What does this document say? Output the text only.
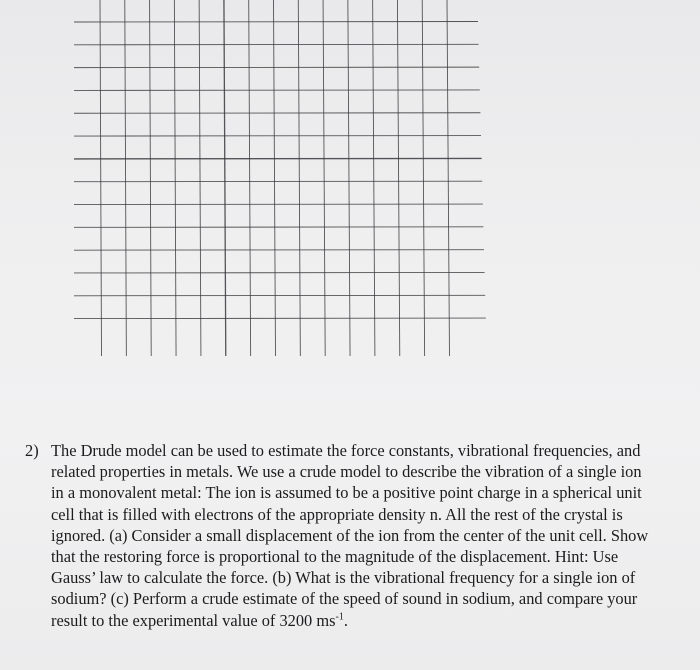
2) The Drude model can be used to estimate the force constants, vibrational frequencies, and
related properties in metals. We use a crude model to describe the vibration of a single ion
in a monovalent metal: The ion is assumed to be a positive point charge in a spherical unit
cell that is filled with electrons of the appropriate density n. All the rest of the crystal is
ignored. (a) Consider a small displacement of the ion from the center of the unit cell. Show
that the restoring force is proportional to the magnitude of the displacement. Hint: Use
Gauss’ law to calculate the force. (b) What is the vibrational frequency for a single ion of
sodium? (c) Perform a crude estimate of the speed of sound in sodium, and compare your
result to the experimental value of 3200 $ms^{-1}$.
